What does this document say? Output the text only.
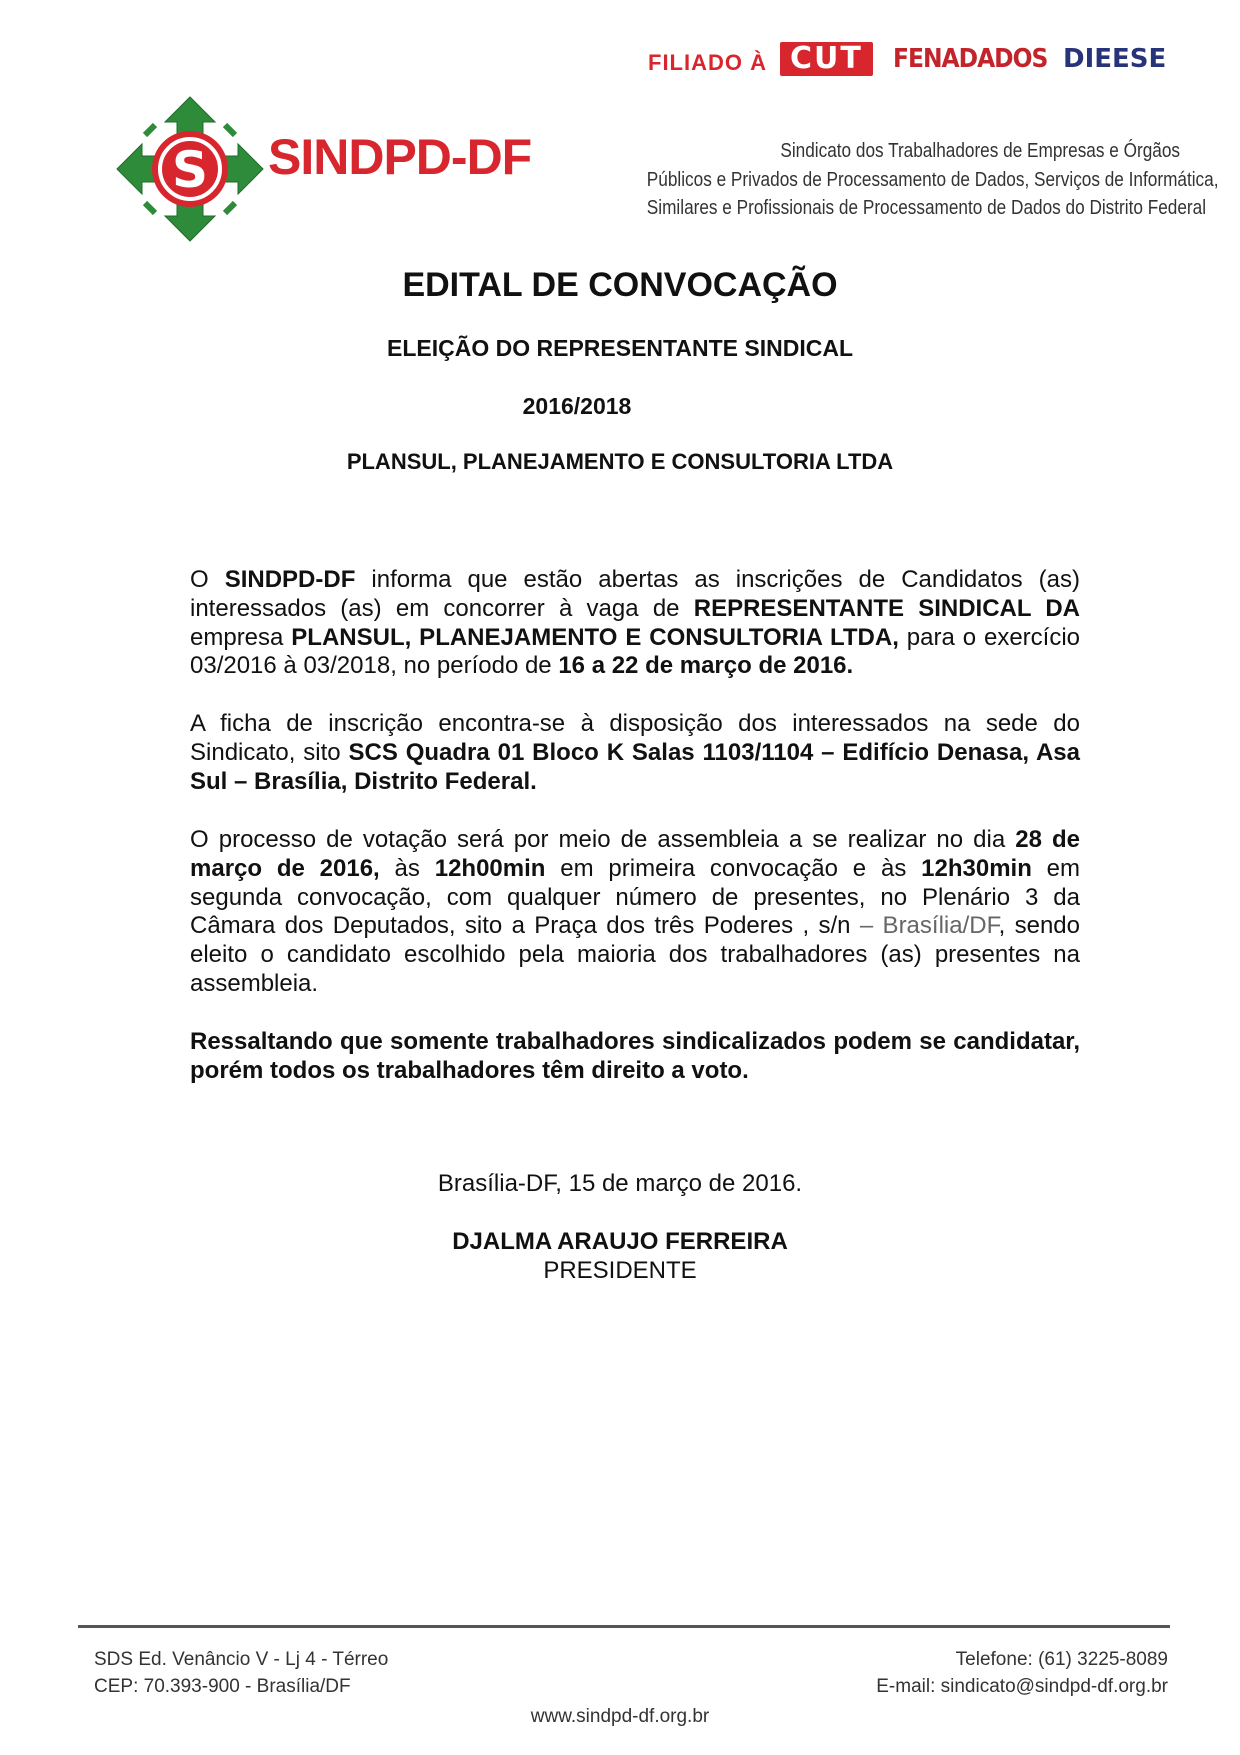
FILIADO À CUT	FENADADOS DIEESE
S SINDPD-DF	Sindicato dos Trabalhadores de Empresas e Órgãos
Públicos e Privados de Processamento de Dados, Serviços de Informática,
Similares e Profissionais de Processamento de Dados do Distrito Federal
EDITAL DE CONVOCAÇÃO
ELEIÇÃO DO REPRESENTANTE SINDICAL
2016/2018
PLANSUL, PLANEJAMENTO E CONSULTORIA LTDA
O SINDPD-DF informa que estão abertas as inscrições de Candidatos (as) interessados (as) em concorrer à vaga de REPRESENTANTE SINDICAL DA empresa PLANSUL, PLANEJAMENTO E CONSULTORIA LTDA, para o exercício 03/2016 à 03/2018, no período de 16 a 22 de março de 2016.
A ficha de inscrição encontra-se à disposição dos interessados na sede do Sindicato, sito SCS Quadra 01 Bloco K Salas 1103/1104 – Edifício Denasa, Asa Sul – Brasília, Distrito Federal.
O processo de votação será por meio de assembleia a se realizar no dia 28 de março de 2016, às 12h00min em primeira convocação e às 12h30min em segunda convocação, com qualquer número de presentes, no Plenário 3 da Câmara dos Deputados, sito a Praça dos três Poderes , s/n – Brasília/DF, sendo eleito o candidato escolhido pela maioria dos trabalhadores (as) presentes na assembleia.
Ressaltando que somente trabalhadores sindicalizados podem se candidatar, porém todos os trabalhadores têm direito a voto.
Brasília-DF, 15 de março de 2016.
DJALMA ARAUJO FERREIRA
PRESIDENTE
SDS Ed. Venâncio V - Lj 4 - Térreo
CEP: 70.393-900 - Brasília/DF
Telefone: (61) 3225-8089
E-mail: sindicato@sindpd-df.org.br
www.sindpd-df.org.br
